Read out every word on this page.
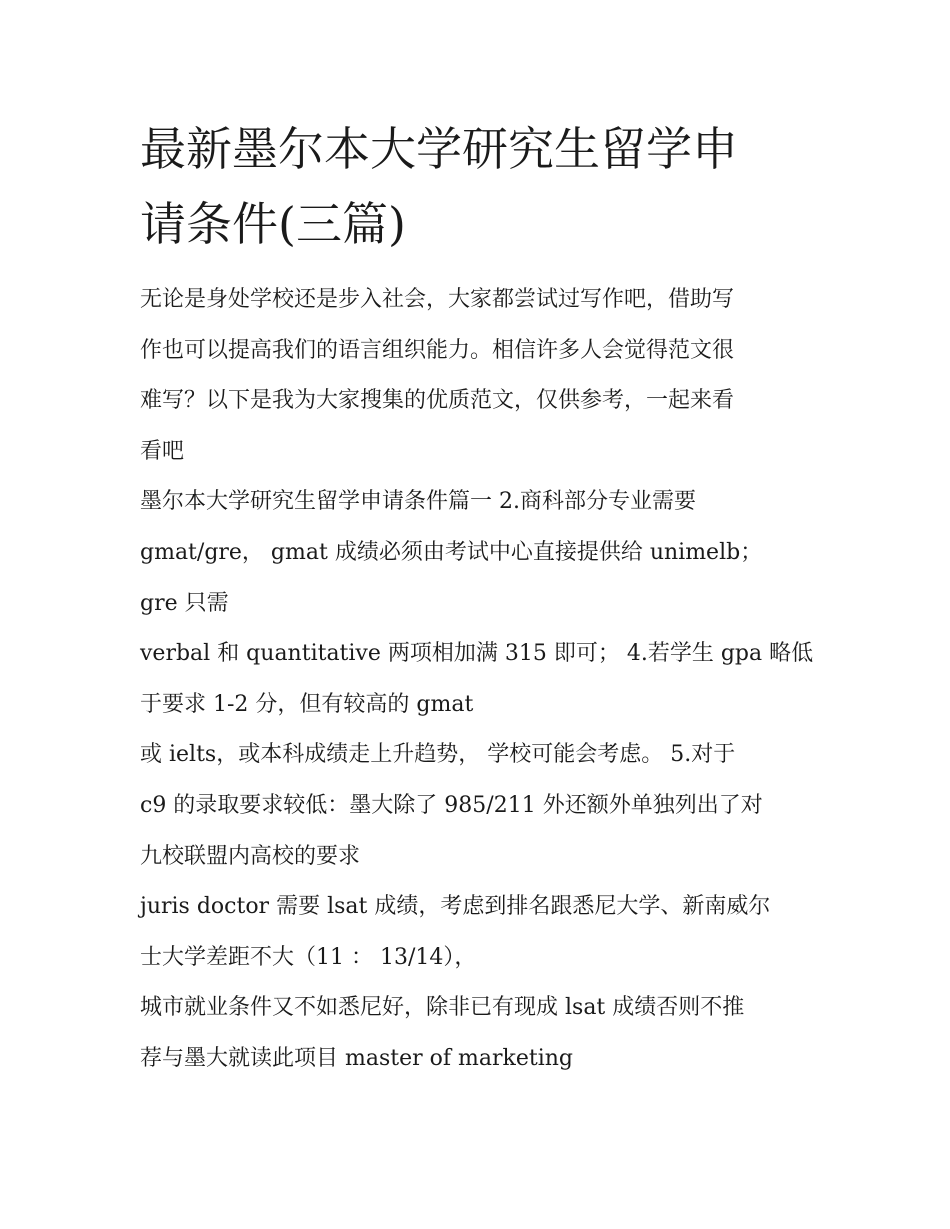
最新墨尔本大学研究生留学申
请条件(三篇)

无论是身处学校还是步入社会，大家都尝试过写作吧，借助写

作也可以提高我们的语言组织能力。相信许多人会觉得范文很

难写？以下是我为大家搜集的优质范文，仅供参考，一起来看

看吧

墨尔本大学研究生留学申请条件篇一 2.商科部分专业需要

gmat/gre， gmat 成绩必须由考试中心直接提供给 unimelb；

gre 只需

verbal 和 quantitative 两项相加满 315 即可； 4.若学生 gpa 略低

于要求 1-2 分，但有较高的 gmat

或 ielts，或本科成绩走上升趋势， 学校可能会考虑。 5.对于

c9 的录取要求较低：墨大除了 985/211 外还额外单独列出了对

九校联盟内高校的要求

juris doctor 需要 lsat 成绩，考虑到排名跟悉尼大学、新南威尔

士大学差距不大（11 ： 13/14），

城市就业条件又不如悉尼好，除非已有现成 lsat 成绩否则不推

荐与墨大就读此项目 master of marketing
